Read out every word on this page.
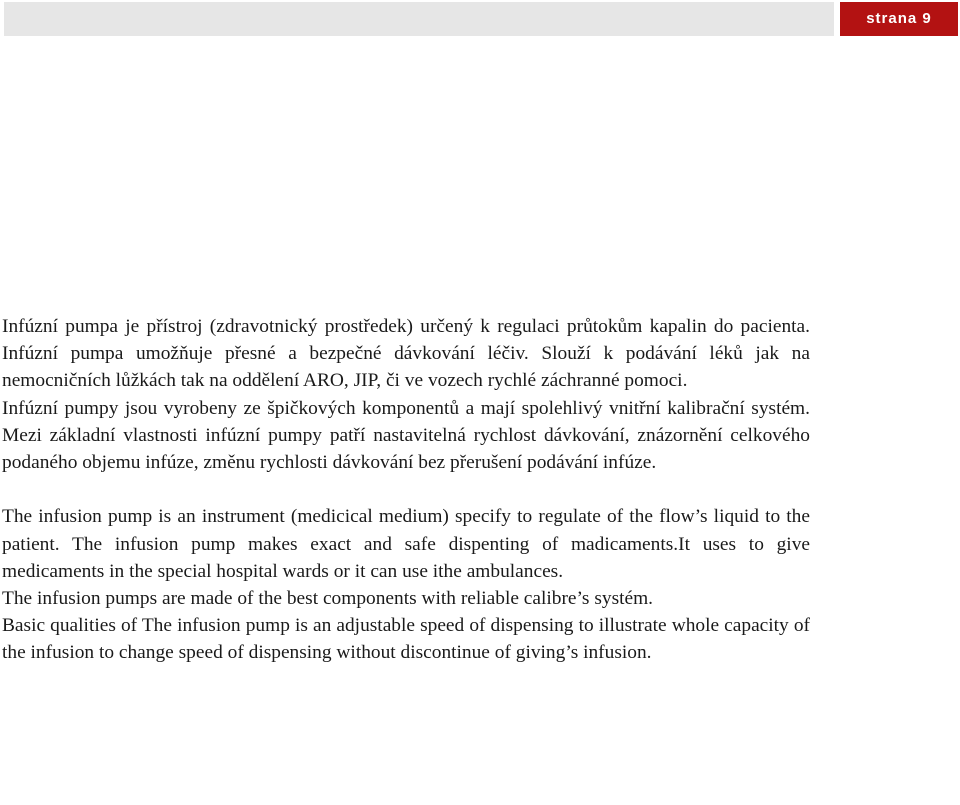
strana 9

Infúzní pumpa je přístroj (zdravotnický prostředek) určený k regulaci průtokům kapalin do pacienta. Infúzní pumpa umožňuje přesné a bezpečné dávkování léčiv. Slouží k podávání léků jak na nemocničních lůžkách tak na oddělení ARO, JIP, či ve vozech rychlé záchranné pomoci.

Infúzní pumpy jsou vyrobeny ze špičkových komponentů a mají spolehlivý vnitřní kalibrační systém. Mezi základní vlastnosti infúzní pumpy patří nastavitelná rychlost dávkování, znázornění celkového podaného objemu infúze, změnu rychlosti dávkování bez přerušení podávání infúze.

The infusion pump is an instrument (medicical medium) specify to regulate of the flow’s liquid to the patient. The infusion pump makes exact and safe dispenting of madicaments.It uses to give medicaments in the special hospital wards or it can use ithe ambulances.

The infusion pumps are made of the best components with reliable calibre’s systém.

Basic qualities of The infusion pump is an adjustable speed of dispensing to illustrate whole capacity of the infusion to change speed of dispensing without discontinue of giving’s infusion.
